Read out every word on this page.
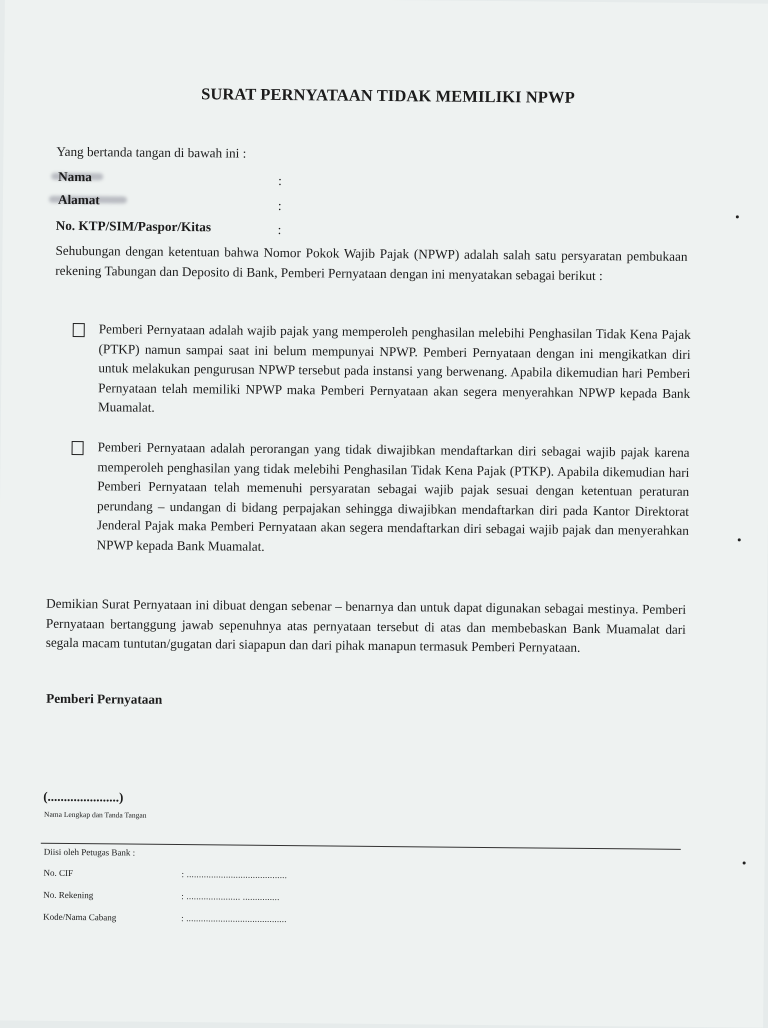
SURAT PERNYATAAN TIDAK MEMILIKI NPWP
Yang bertanda tangan di bawah ini :
Nama	:
Alamat	:
No. KTP/SIM/Paspor/Kitas	:
Sehubungan dengan ketentuan bahwa Nomor Pokok Wajib Pajak (NPWP) adalah salah satu persyaratan pembukaan rekening Tabungan dan Deposito di Bank, Pemberi Pernyataan dengan ini menyatakan sebagai berikut :
Pemberi Pernyataan adalah wajib pajak yang memperoleh penghasilan melebihi Penghasilan Tidak Kena Pajak (PTKP) namun sampai saat ini belum mempunyai NPWP. Pemberi Pernyataan dengan ini mengikatkan diri untuk melakukan pengurusan NPWP tersebut pada instansi yang berwenang. Apabila dikemudian hari Pemberi Pernyataan telah memiliki NPWP maka Pemberi Pernyataan akan segera menyerahkan NPWP kepada Bank Muamalat.
Pemberi Pernyataan adalah perorangan yang tidak diwajibkan mendaftarkan diri sebagai wajib pajak karena memperoleh penghasilan yang tidak melebihi Penghasilan Tidak Kena Pajak (PTKP). Apabila dikemudian hari Pemberi Pernyataan telah memenuhi persyaratan sebagai wajib pajak sesuai dengan ketentuan peraturan perundang – undangan di bidang perpajakan sehingga diwajibkan mendaftarkan diri pada Kantor Direktorat Jenderal Pajak maka Pemberi Pernyataan akan segera mendaftarkan diri sebagai wajib pajak dan menyerahkan NPWP kepada Bank Muamalat.
Demikian Surat Pernyataan ini dibuat dengan sebenar – benarnya dan untuk dapat digunakan sebagai mestinya. Pemberi Pernyataan bertanggung jawab sepenuhnya atas pernyataan tersebut di atas dan membebaskan Bank Muamalat dari segala macam tuntutan/gugatan dari siapapun dan dari pihak manapun termasuk Pemberi Pernyataan.
Pemberi Pernyataan
(......................)
Nama Lengkap dan Tanda Tangan
Diisi oleh Petugas Bank :
No. CIF	: .........................................
No. Rekening	: ...................... ...............
Kode/Nama Cabang	: .........................................
